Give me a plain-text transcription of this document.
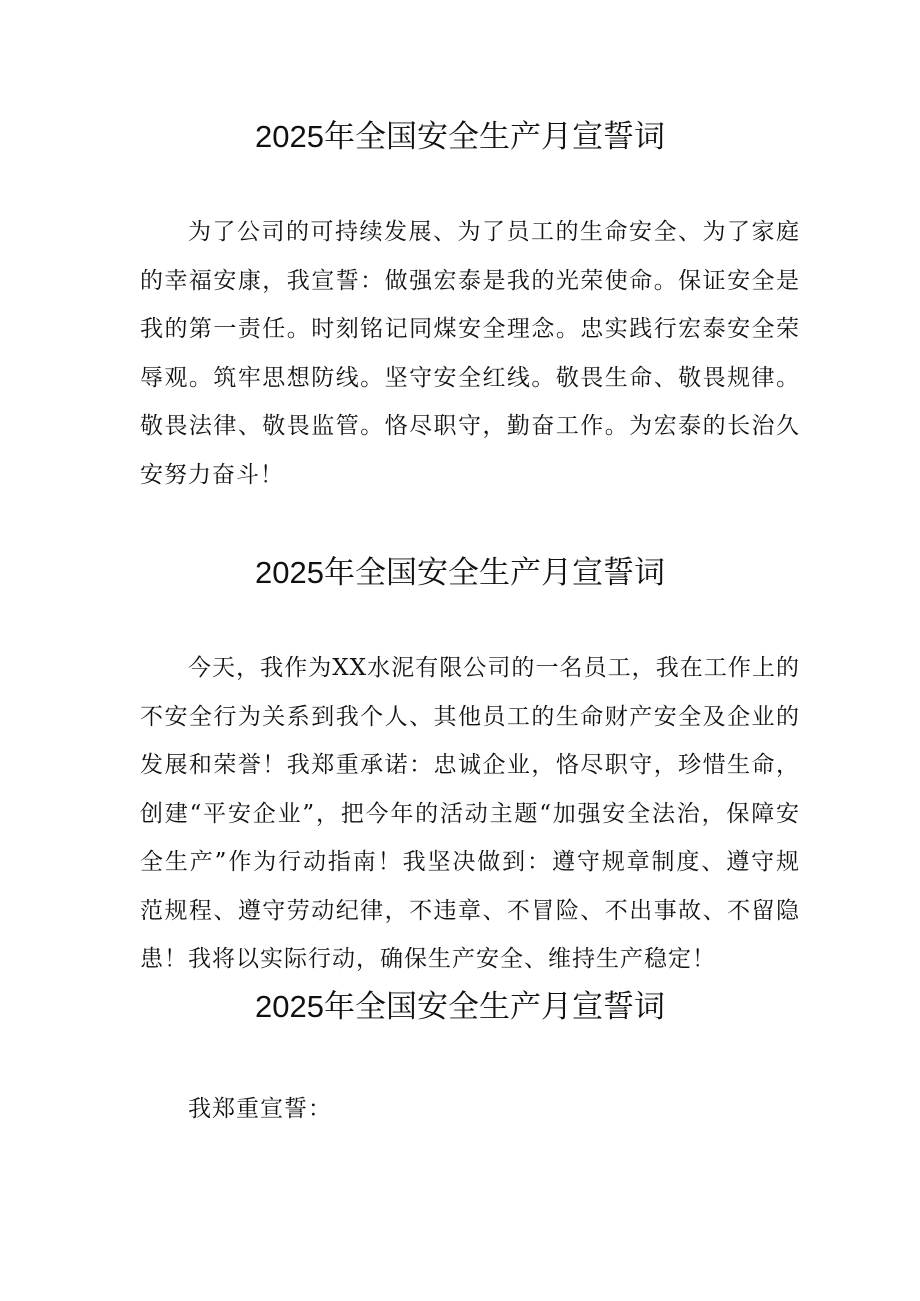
2025年全国安全生产月宣誓词

为了公司的可持续发展、为了员工的生命安全、为了家庭的幸福安康，我宣誓：做强宏泰是我的光荣使命。保证安全是我的第一责任。时刻铭记同煤安全理念。忠实践行宏泰安全荣辱观。筑牢思想防线。坚守安全红线。敬畏生命、敬畏规律。敬畏法律、敬畏监管。恪尽职守，勤奋工作。为宏泰的长治久安努力奋斗！

2025年全国安全生产月宣誓词

今天，我作为XX水泥有限公司的一名员工，我在工作上的不安全行为关系到我个人、其他员工的生命财产安全及企业的发展和荣誉！我郑重承诺：忠诚企业，恪尽职守，珍惜生命，创建“平安企业”，把今年的活动主题“加强安全法治，保障安全生产”作为行动指南！我坚决做到：遵守规章制度、遵守规范规程、遵守劳动纪律，不违章、不冒险、不出事故、不留隐患！我将以实际行动，确保生产安全、维持生产稳定！

2025年全国安全生产月宣誓词

我郑重宣誓：
